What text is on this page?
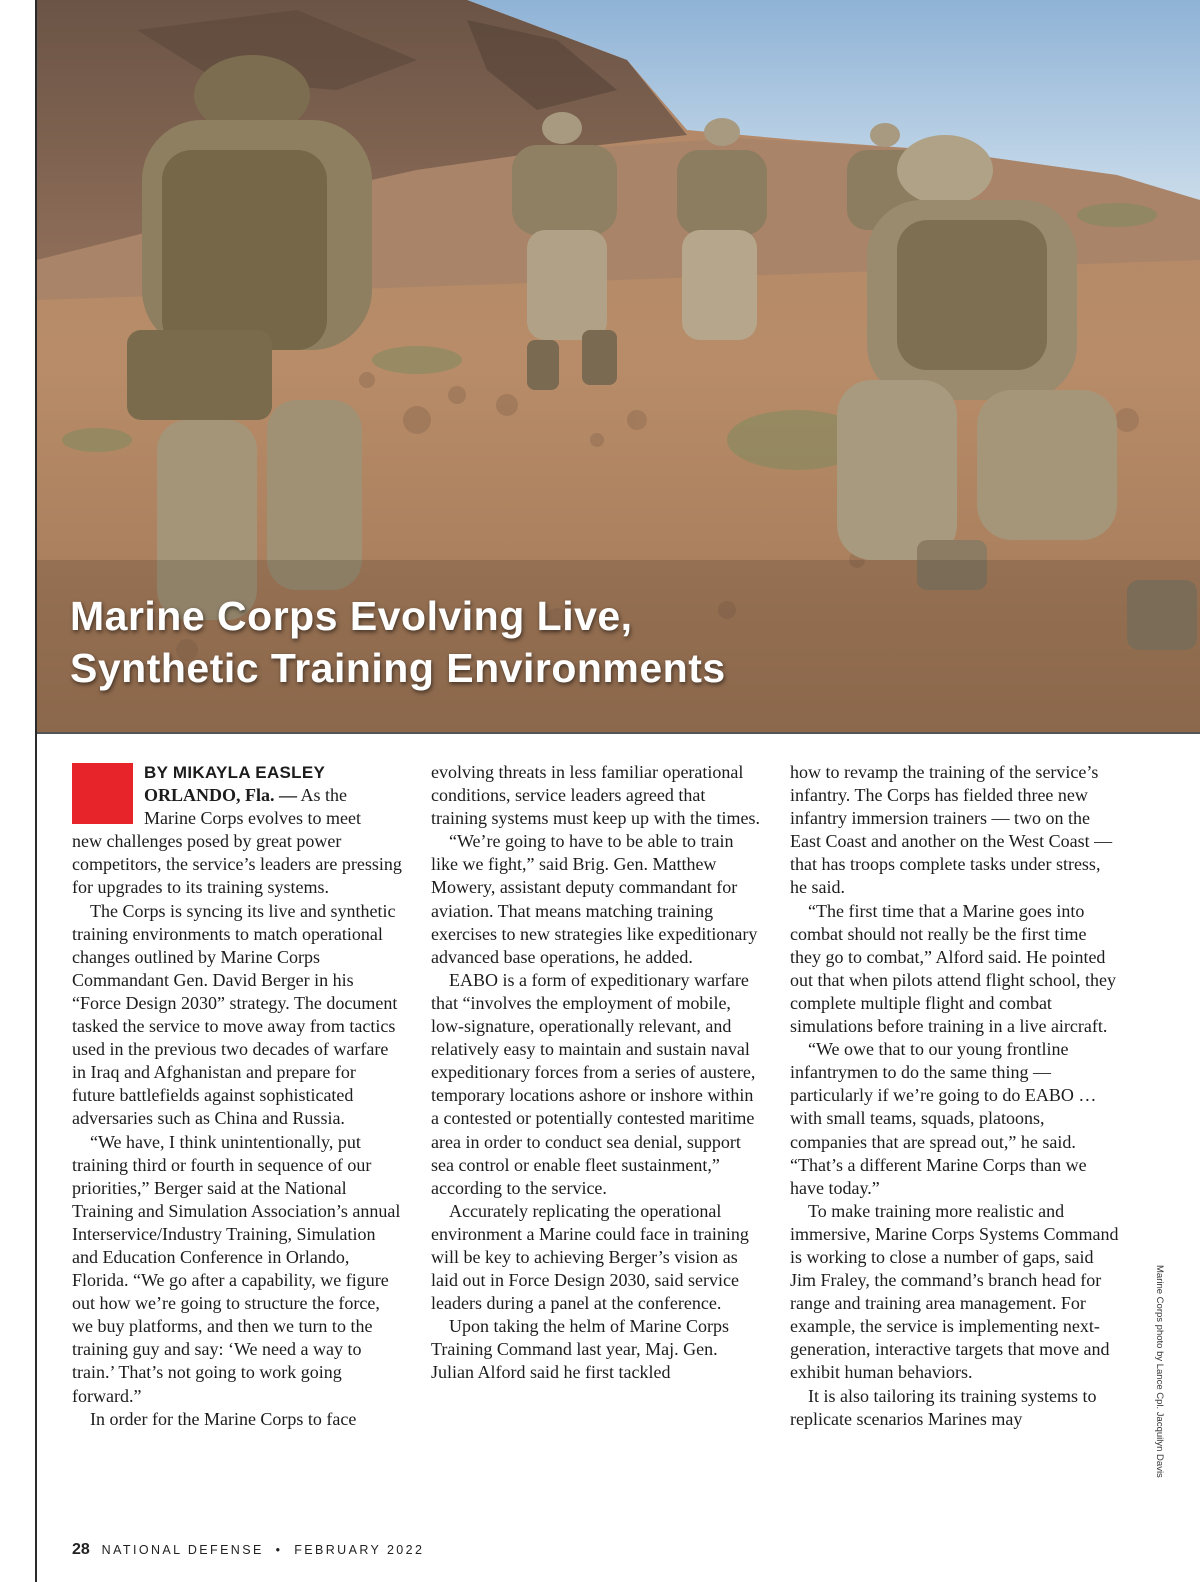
Marine Corps Evolving Live,
Synthetic Training Environments
BY MIKAYLA EASLEY
ORLANDO, Fla. — As the
Marine Corps evolves to meet

new challenges posed by great power competitors, the service’s leaders are pressing for upgrades to its training systems.

The Corps is syncing its live and synthetic training environments to match operational changes outlined by Marine Corps Commandant Gen. David Berger in his “Force Design 2030” strategy. The document tasked the service to move away from tactics used in the previous two decades of warfare in Iraq and Afghanistan and prepare for future battlefields against sophisticated adversaries such as China and Russia.

“We have, I think unintentionally, put training third or fourth in sequence of our priorities,” Berger said at the National Training and Simulation Association’s annual Interservice/Industry Training, Simulation and Education Conference in Orlando, Florida. “We go after a capability, we figure out how we’re going to structure the force, we buy platforms, and then we turn to the training guy and say: ‘We need a way to train.’ That’s not going to work going forward.”

In order for the Marine Corps to face

evolving threats in less familiar operational conditions, service leaders agreed that training systems must keep up with the times.

“We’re going to have to be able to train like we fight,” said Brig. Gen. Matthew Mowery, assistant deputy commandant for aviation. That means matching training exercises to new strategies like expeditionary advanced base operations, he added.

EABO is a form of expeditionary warfare that “involves the employment of mobile, low-signature, operationally relevant, and relatively easy to maintain and sustain naval expeditionary forces from a series of austere, temporary locations ashore or inshore within a contested or potentially contested maritime area in order to conduct sea denial, support sea control or enable fleet sustainment,” according to the service.

Accurately replicating the operational environment a Marine could face in training will be key to achieving Berger’s vision as laid out in Force Design 2030, said service leaders during a panel at the conference.

Upon taking the helm of Marine Corps Training Command last year, Maj. Gen. Julian Alford said he first tackled

how to revamp the training of the service’s infantry. The Corps has fielded three new infantry immersion trainers — two on the East Coast and another on the West Coast — that has troops complete tasks under stress, he said.

“The first time that a Marine goes into combat should not really be the first time they go to combat,” Alford said. He pointed out that when pilots attend flight school, they complete multiple flight and combat simulations before training in a live aircraft.

“We owe that to our young frontline infantrymen to do the same thing — particularly if we’re going to do EABO … with small teams, squads, platoons, companies that are spread out,” he said. “That’s a different Marine Corps than we have today.”

To make training more realistic and immersive, Marine Corps Systems Command is working to close a number of gaps, said Jim Fraley, the command’s branch head for range and training area management. For example, the service is implementing next-generation, interactive targets that move and exhibit human behaviors.

It is also tailoring its training systems to replicate scenarios Marines may	Marine Corps photo by Lance Cpl. Jacquilyn Davis
28 NATIONAL DEFENSE • FEBRUARY 2022
